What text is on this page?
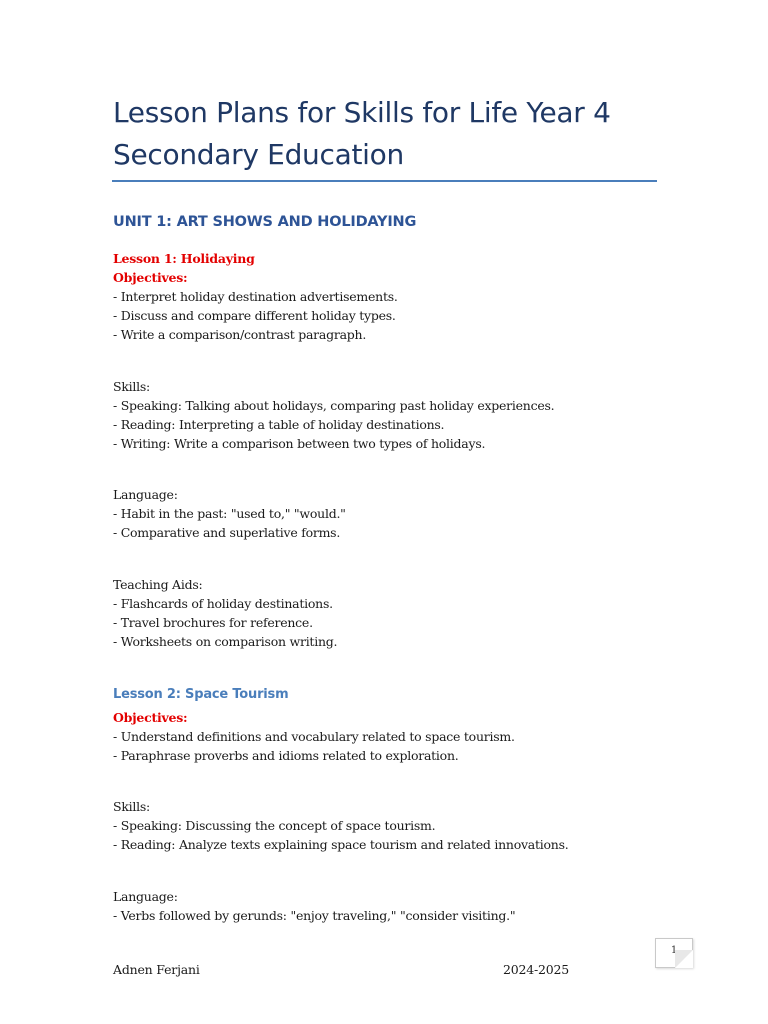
Lesson Plans for Skills for Life Year 4
Secondary Education
UNIT 1: ART SHOWS AND HOLIDAYING
Lesson 1: Holidaying
Objectives:
- Interpret holiday destination advertisements.
- Discuss and compare different holiday types.
- Write a comparison/contrast paragraph.
Skills:
- Speaking: Talking about holidays, comparing past holiday experiences.
- Reading: Interpreting a table of holiday destinations.
- Writing: Write a comparison between two types of holidays.
Language:
- Habit in the past: "used to," "would."
- Comparative and superlative forms.
Teaching Aids:
- Flashcards of holiday destinations.
- Travel brochures for reference.
- Worksheets on comparison writing.
Lesson 2: Space Tourism
Objectives:
- Understand definitions and vocabulary related to space tourism.
- Paraphrase proverbs and idioms related to exploration.
Skills:
- Speaking: Discussing the concept of space tourism.
- Reading: Analyze texts explaining space tourism and related innovations.
Language:
- Verbs followed by gerunds: "enjoy traveling," "consider visiting."
1
Adnen Ferjani	2024-2025
